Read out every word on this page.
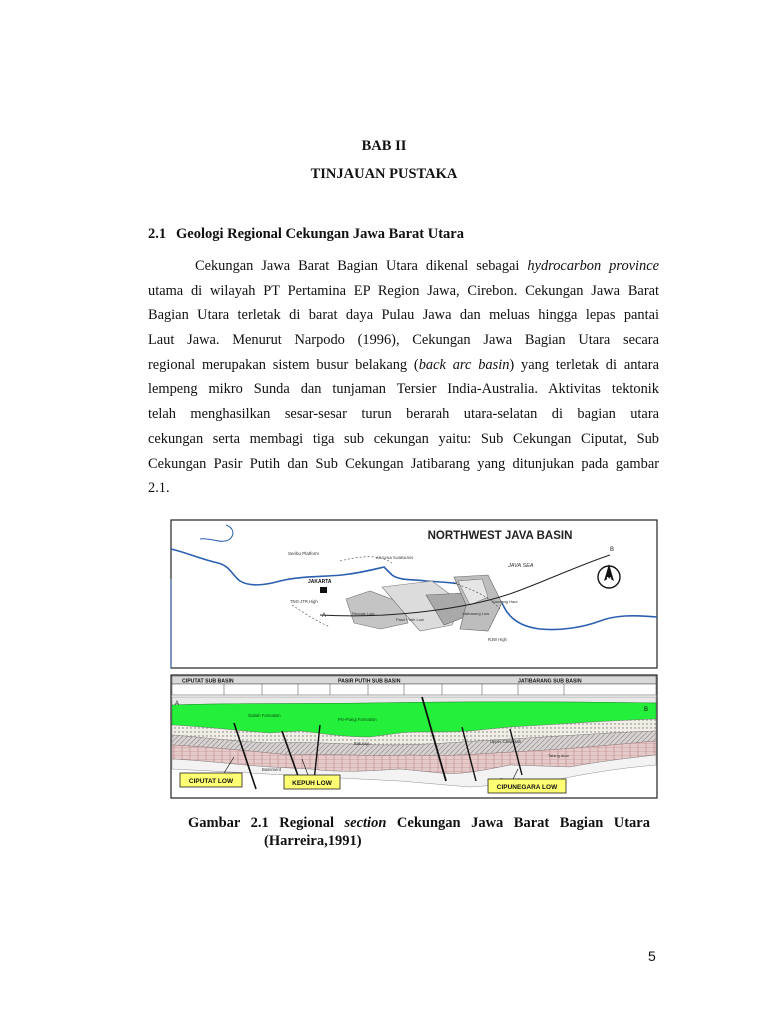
BAB II
TINJAUAN PUSTAKA
2.1 Geologi Regional Cekungan Jawa Barat Utara
Cekungan Jawa Barat Bagian Utara dikenal sebagai hydrocarbon province
utama di wilayah PT Pertamina EP Region Jawa, Cirebon. Cekungan Jawa Barat
Bagian Utara terletak di barat daya Pulau Jawa dan meluas hingga lepas pantai
Laut Jawa. Menurut Narpodo (1996), Cekungan Jawa Bagian Utara secara
regional merupakan sistem busur belakang (back arc basin) yang terletak di antara
lempeng mikro Sunda dan tunjaman Tersier India-Australia. Aktivitas tektonik
telah menghasilkan sesar-sesar turun berarah utara-selatan di bagian utara
cekungan serta membagi tiga sub cekungan yaitu: Sub Cekungan Ciputat, Sub
Cekungan Pasir Putih dan Sub Cekungan Jatibarang yang ditunjukan pada gambar
2.1.
NORTHWEST JAVA BASIN
Seribu Platform
ARJUNA SUBBASIN
JAKARTA
JAVA SEA
TNG-JTR High
A
B
Rengas Low
Pasir Putih Low
Jatibarang Low
Kandang Haur
RJW High
N
CIPUTAT SUB BASIN	PASIR PUTIH SUB BASIN	JATIBARANG SUB BASIN
A
B
Gabah Formation
Pre-Parigi Formation
Baturaja	Upper Cibulakan
Talang Akar
Basement
CIPUTAT LOW	KEPUH LOW
CIPUNEGARA LOW
Gambar 2.1 Regional section Cekungan Jawa Barat Bagian Utara
(Harreira,1991)
5
